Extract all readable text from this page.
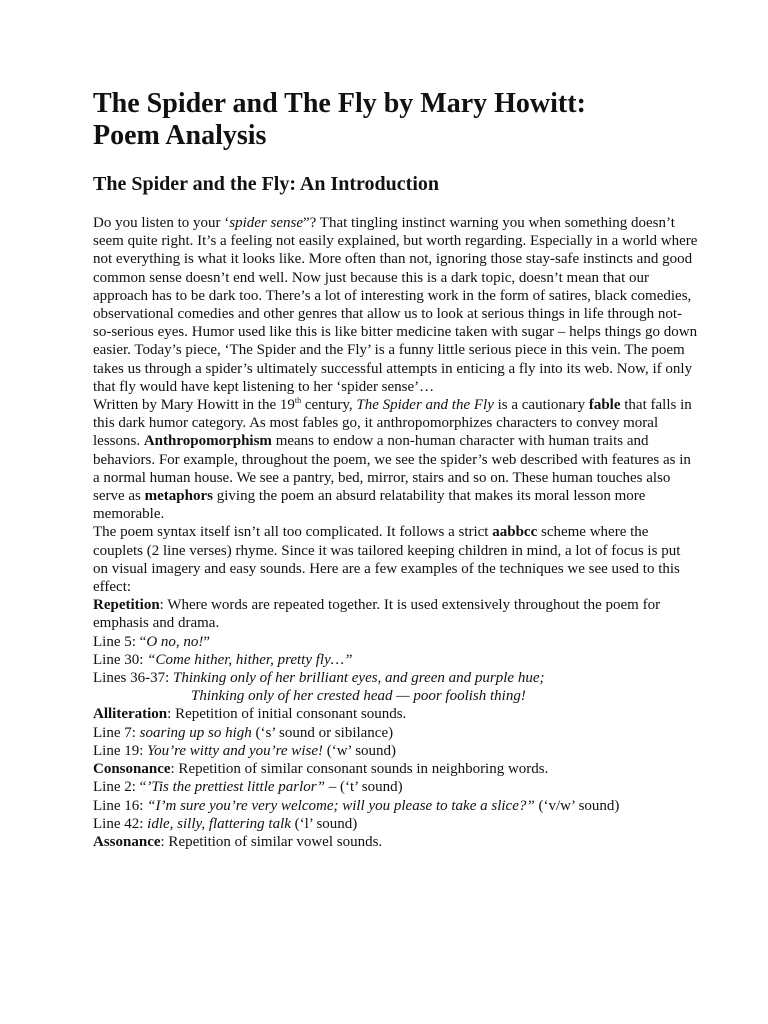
The Spider and The Fly by Mary Howitt: Poem Analysis
The Spider and the Fly: An Introduction

Do you listen to your ‘spider sense”? That tingling instinct warning you when something doesn’t seem quite right. It’s a feeling not easily explained, but worth regarding. Especially in a world where not everything is what it looks like. More often than not, ignoring those stay-safe instincts and good common sense doesn’t end well. Now just because this is a dark topic, doesn’t mean that our approach has to be dark too. There’s a lot of interesting work in the form of satires, black comedies, observational comedies and other genres that allow us to look at serious things in life through not-so-serious eyes. Humor used like this is like bitter medicine taken with sugar – helps things go down easier. Today’s piece, ‘The Spider and the Fly’ is a funny little serious piece in this vein. The poem takes us through a spider’s ultimately successful attempts in enticing a fly into its web. Now, if only that fly would have kept listening to her ‘spider sense’…

Written by Mary Howitt in the 19th century, The Spider and the Fly is a cautionary fable that falls in this dark humor category. As most fables go, it anthropomorphizes characters to convey moral lessons. Anthropomorphism means to endow a non-human character with human traits and behaviors. For example, throughout the poem, we see the spider’s web described with features as in a normal human house. We see a pantry, bed, mirror, stairs and so on. These human touches also serve as metaphors giving the poem an absurd relatability that makes its moral lesson more memorable.

The poem syntax itself isn’t all too complicated. It follows a strict aabbcc scheme where the couplets (2 line verses) rhyme. Since it was tailored keeping children in mind, a lot of focus is put on visual imagery and easy sounds. Here are a few examples of the techniques we see used to this effect:

Repetition: Where words are repeated together. It is used extensively throughout the poem for emphasis and drama.

Line 5: “O no, no!”

Line 30: “Come hither, hither, pretty fly…”

Lines 36-37: Thinking only of her brilliant eyes, and green and purple hue;

Thinking only of her crested head — poor foolish thing!

Alliteration: Repetition of initial consonant sounds.

Line 7: soaring up so high (‘s’ sound or sibilance)

Line 19: You’re witty and you’re wise! (‘w’ sound)

Consonance: Repetition of similar consonant sounds in neighboring words.

Line 2: “’Tis the prettiest little parlor” – (‘t’ sound)

Line 16: “I’m sure you’re very welcome; will you please to take a slice?” (‘v/w’ sound)

Line 42: idle, silly, flattering talk (‘l’ sound)

Assonance: Repetition of similar vowel sounds.
